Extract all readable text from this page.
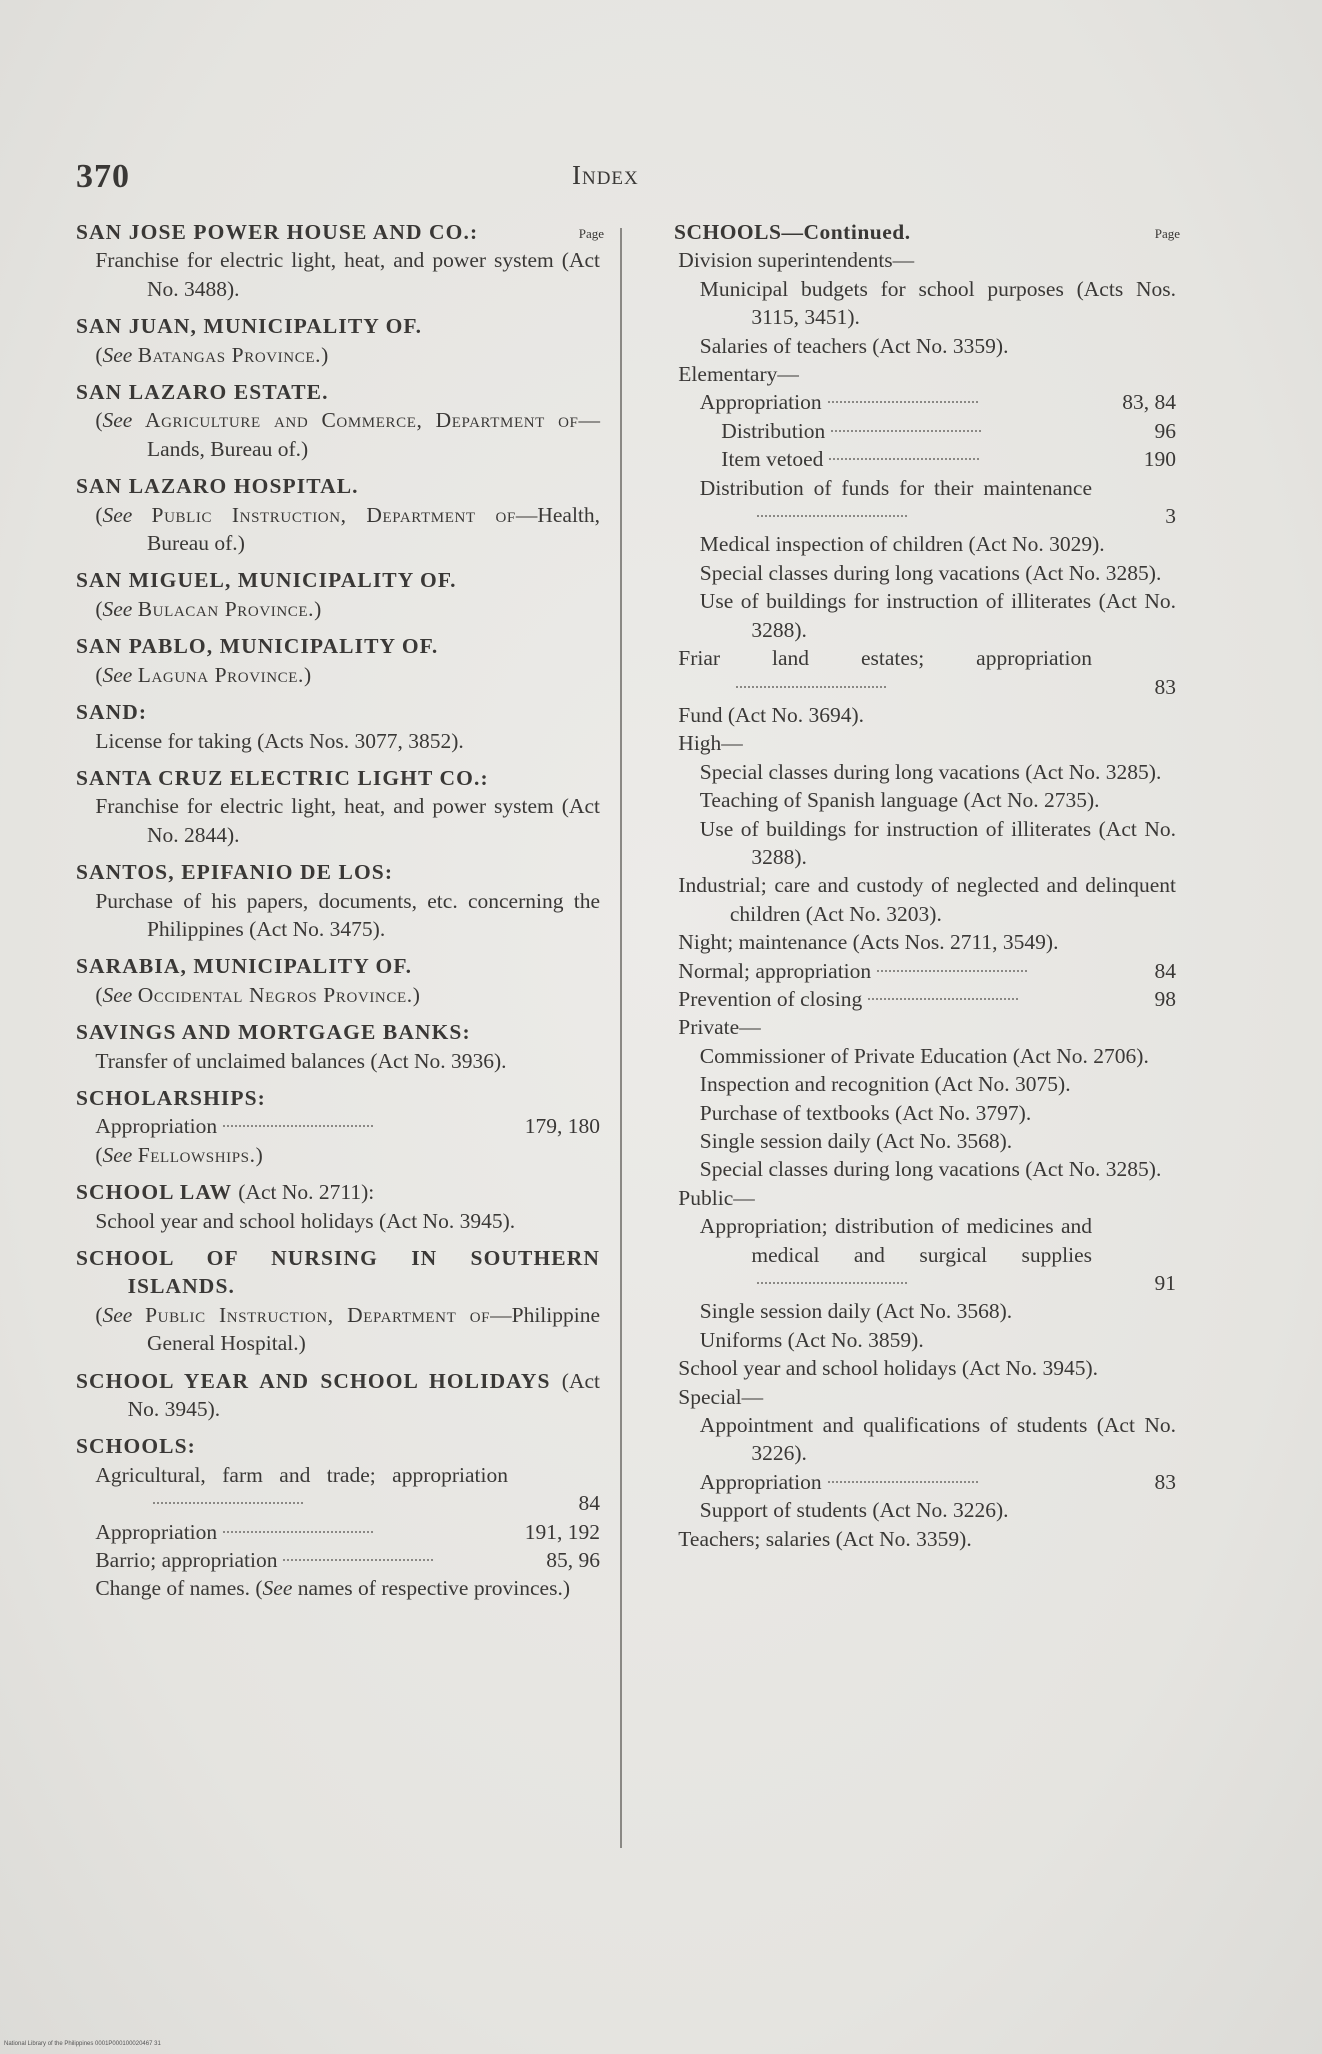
370	Index
Page
SAN JOSE POWER HOUSE AND CO.:
Franchise for electric light, heat, and power system (Act No. 3488).
SAN JUAN, MUNICIPALITY OF.
(See Batangas Province.)
SAN LAZARO ESTATE.
(See Agriculture and Commerce, Department of—Lands, Bureau of.)
SAN LAZARO HOSPITAL.
(See Public Instruction, Department of—Health, Bureau of.)
SAN MIGUEL, MUNICIPALITY OF.
(See Bulacan Province.)
SAN PABLO, MUNICIPALITY OF.
(See Laguna Province.)
SAND:
License for taking (Acts Nos. 3077, 3852).
SANTA CRUZ ELECTRIC LIGHT CO.:
Franchise for electric light, heat, and power system (Act No. 2844).
SANTOS, EPIFANIO DE LOS:
Purchase of his papers, documents, etc. concerning the Philippines (Act No. 3475).
SARABIA, MUNICIPALITY OF.
(See Occidental Negros Province.)
SAVINGS AND MORTGAGE BANKS:
Transfer of unclaimed balances (Act No. 3936).
SCHOLARSHIPS:
Appropriation	179, 180
(See Fellowships.)
SCHOOL LAW (Act No. 2711):
School year and school holidays (Act No. 3945).
SCHOOL OF NURSING IN SOUTHERN ISLANDS.
(See Public Instruction, Department of—Philippine General Hospital.)
SCHOOL YEAR AND SCHOOL HOLIDAYS (Act No. 3945).
SCHOOLS:
Agricultural, farm and trade; appropriation
84
Appropriation	191, 192
Barrio; appropriation	85, 96
Change of names. (See names of respective provinces.)
Page
SCHOOLS—Continued.
Division superintendents—
Municipal budgets for school purposes (Acts Nos. 3115, 3451).
Salaries of teachers (Act No. 3359).
Elementary—
Appropriation	83, 84
Distribution	96
Item vetoed	190
Distribution of funds for their maintenance
3
Medical inspection of children (Act No. 3029).
Special classes during long vacations (Act No. 3285).
Use of buildings for instruction of illiterates (Act No. 3288).
Friar land estates; appropriation
83
Fund (Act No. 3694).
High—
Special classes during long vacations (Act No. 3285).
Teaching of Spanish language (Act No. 2735).
Use of buildings for instruction of illiterates (Act No. 3288).
Industrial; care and custody of neglected and delinquent children (Act No. 3203).
Night; maintenance (Acts Nos. 2711, 3549).
Normal; appropriation	84
Prevention of closing	98
Private—
Commissioner of Private Education (Act No. 2706).
Inspection and recognition (Act No. 3075).
Purchase of textbooks (Act No. 3797).
Single session daily (Act No. 3568).
Special classes during long vacations (Act No. 3285).
Public—
Appropriation; distribution of medicines and medical and surgical supplies
91
Single session daily (Act No. 3568).
Uniforms (Act No. 3859).
School year and school holidays (Act No. 3945).
Special—
Appointment and qualifications of students (Act No. 3226).
Appropriation	83
Support of students (Act No. 3226).
Teachers; salaries (Act No. 3359).
National Library of the Philippines 0001P000100020467 31
